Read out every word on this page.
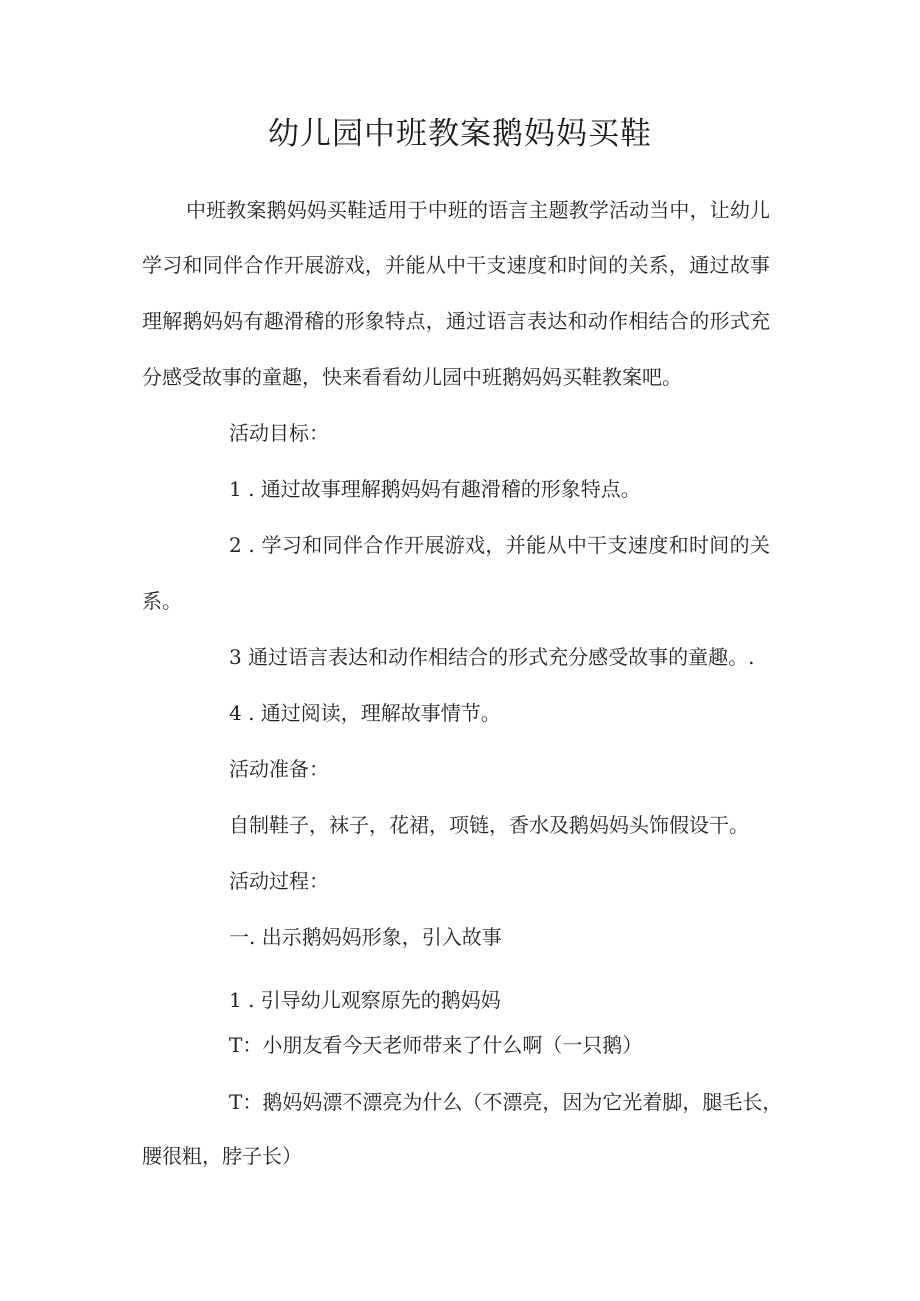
幼儿园中班教案鹅妈妈买鞋
中班教案鹅妈妈买鞋适用于中班的语言主题教学活动当中，让幼儿
学习和同伴合作开展游戏，并能从中干支速度和时间的关系，通过故事
理解鹅妈妈有趣滑稽的形象特点，通过语言表达和动作相结合的形式充
分感受故事的童趣，快来看看幼儿园中班鹅妈妈买鞋教案吧。
活动目标：
1 . 通过故事理解鹅妈妈有趣滑稽的形象特点。
2 . 学习和同伴合作开展游戏，并能从中干支速度和时间的关
系。
3 通过语言表达和动作相结合的形式充分感受故事的童趣。.
4 . 通过阅读，理解故事情节。
活动准备：
自制鞋子，袜子，花裙，项链，香水及鹅妈妈头饰假设干。
活动过程：
一. 出示鹅妈妈形象，引入故事
1 . 引导幼儿观察原先的鹅妈妈
T：小朋友看今天老师带来了什么啊（一只鹅）
T：鹅妈妈漂不漂亮为什么（不漂亮，因为它光着脚，腿毛长，
腰很粗，脖子长）
